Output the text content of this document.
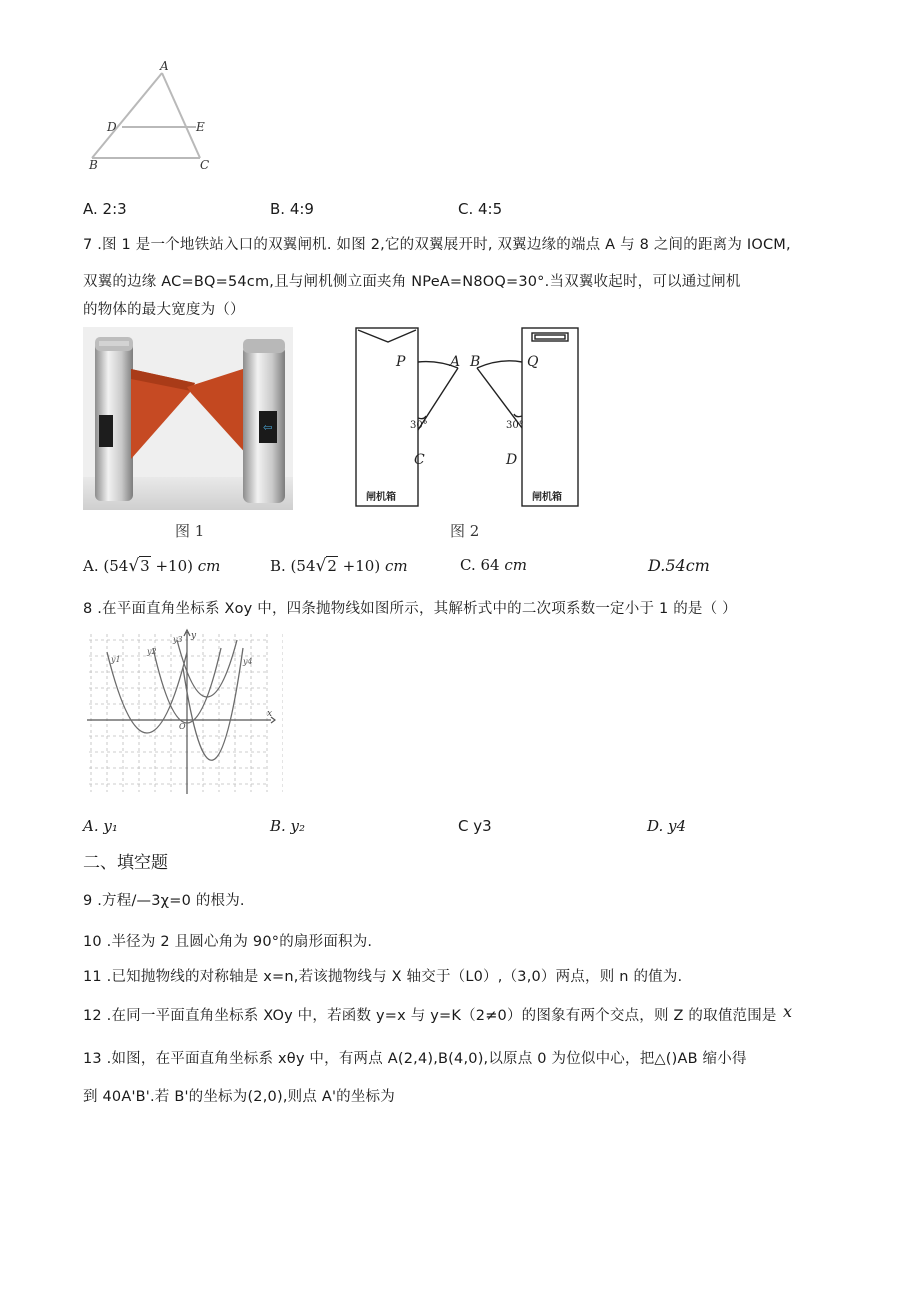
A
D	E
B	C
A. 2:3	B. 4:9	C. 4:5
7 .图 1 是一个地铁站入口的双翼闸机. 如图 2,它的双翼展开时, 双翼边缘的端点 A 与 8 之间的距离为 IOCM,
双翼的边缘 AC=BQ=54cm,且与闸机侧立面夹角 NPeA=N8OQ=30°.当双翼收起时，可以通过闸机
的物体的最大宽度为（）
⇦
图 1
P	A B	Q
C	D
30°	30°
闸机箱	闸机箱
图 2
A. (54√3 +10) cm	B. (54√2 +10) cm	C. 64 cm	D.54cm
8 .在平面直角坐标系 Xoy 中，四条抛物线如图所示，其解析式中的二次项系数一定小于 1 的是（ ）
x
y
O
y1
y2
y3
y4
A. y₁	B. y₂	C y3	D. y4
二、填空题
9 .方程/—3χ=0 的根为.
10 .半径为 2 且圆心角为 90°的扇形面积为.
11 .已知抛物线的对称轴是 x=n,若该抛物线与 X 轴交于（L0）,（3,0）两点，则 n 的值为.
12 .在同一平面直角坐标系 XOy 中，若函数 y=x 与 y=K（2≠0）的图象有两个交点，则 Z 的取值范围是 x
13 .如图，在平面直角坐标系 xθy 中，有两点 A(2,4),B(4,0),以原点 0 为位似中心，把△()AB 缩小得
到 40A'B'.若 B'的坐标为(2,0),则点 A'的坐标为
